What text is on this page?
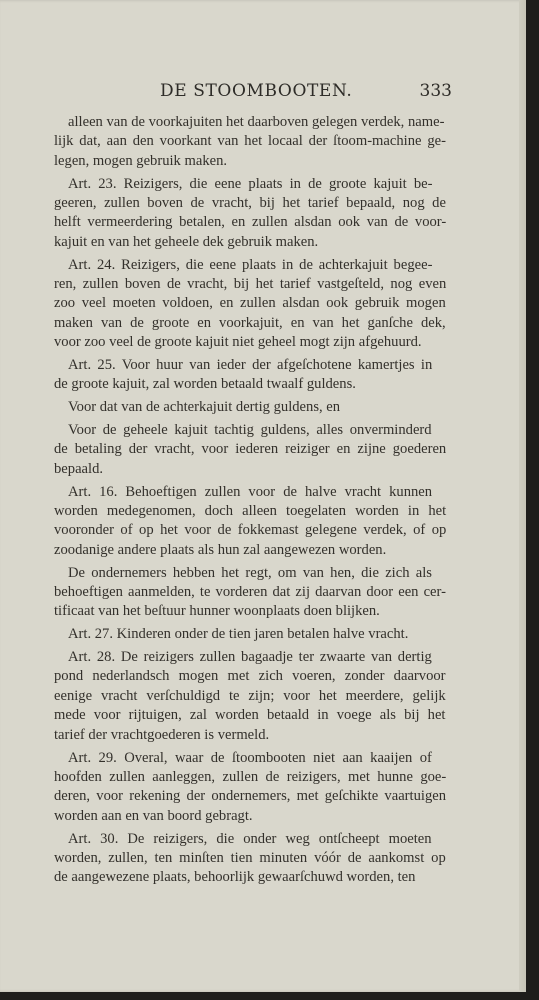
DE STOOMBOOTEN.	333
alleen van de voorkajuiten het daarboven gelegen verdek, name-
lijk dat, aan den voorkant van het locaal der ſtoom-machine ge-
legen, mogen gebruik maken.
Art. 23. Reizigers, die eene plaats in de groote kajuit be-
geeren, zullen boven de vracht, bij het tarief bepaald, nog de
helft vermeerdering betalen, en zullen alsdan ook van de voor-
kajuit en van het geheele dek gebruik maken.
Art. 24. Reizigers, die eene plaats in de achterkajuit begee-
ren, zullen boven de vracht, bij het tarief vastgeſteld, nog even
zoo veel moeten voldoen, en zullen alsdan ook gebruik mogen
maken van de groote en voorkajuit, en van het ganſche dek,
voor zoo veel de groote kajuit niet geheel mogt zijn afgehuurd.
Art. 25. Voor huur van ieder der afgeſchotene kamertjes in
de groote kajuit, zal worden betaald twaalf guldens.
Voor dat van de achterkajuit dertig guldens, en
Voor de geheele kajuit tachtig guldens, alles onverminderd
de betaling der vracht, voor iederen reiziger en zijne goederen
bepaald.
Art. 16. Behoeftigen zullen voor de halve vracht kunnen
worden medegenomen, doch alleen toegelaten worden in het
vooronder of op het voor de fokkemast gelegene verdek, of op
zoodanige andere plaats als hun zal aangewezen worden.
De ondernemers hebben het regt, om van hen, die zich als
behoeftigen aanmelden, te vorderen dat zij daarvan door een cer-
tificaat van het beſtuur hunner woonplaats doen blijken.
Art. 27. Kinderen onder de tien jaren betalen halve vracht.
Art. 28. De reizigers zullen bagaadje ter zwaarte van dertig
pond nederlandsch mogen met zich voeren, zonder daarvoor
eenige vracht verſchuldigd te zijn; voor het meerdere, gelijk
mede voor rijtuigen, zal worden betaald in voege als bij het
tarief der vrachtgoederen is vermeld.
Art. 29. Overal, waar de ſtoombooten niet aan kaaijen of
hoofden zullen aanleggen, zullen de reizigers, met hunne goe-
deren, voor rekening der ondernemers, met geſchikte vaartuigen
worden aan en van boord gebragt.
Art. 30. De reizigers, die onder weg ontſcheept moeten
worden, zullen, ten minſten tien minuten vóór de aankomst op
de aangewezene plaats, behoorlijk gewaarſchuwd worden, ten
